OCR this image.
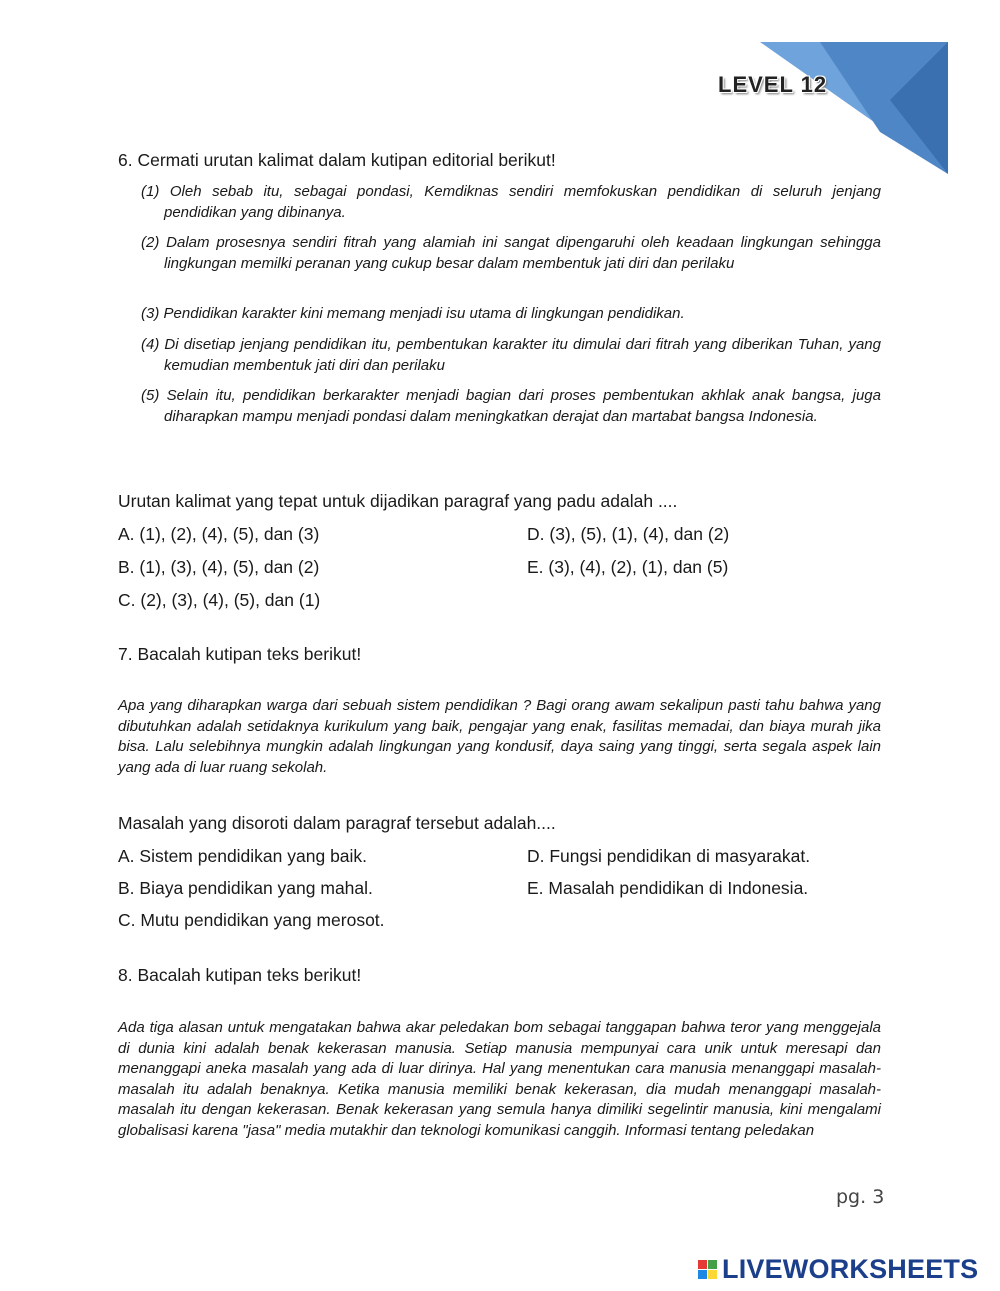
LEVEL 12
6. Cermati urutan kalimat dalam kutipan editorial berikut!
(1) Oleh sebab itu, sebagai pondasi, Kemdiknas sendiri memfokuskan pendidikan di seluruh jenjang pendidikan yang dibinanya.
(2) Dalam prosesnya sendiri fitrah yang alamiah ini sangat dipengaruhi oleh keadaan lingkungan sehingga lingkungan memilki peranan yang cukup besar dalam membentuk jati diri dan perilaku
(3) Pendidikan karakter kini memang menjadi isu utama di lingkungan pendidikan.
(4) Di disetiap jenjang pendidikan itu, pembentukan karakter itu dimulai dari fitrah yang diberikan Tuhan, yang kemudian membentuk jati diri dan perilaku
(5) Selain itu, pendidikan berkarakter menjadi bagian dari proses pembentukan akhlak anak bangsa, juga diharapkan mampu menjadi pondasi dalam meningkatkan derajat dan martabat bangsa Indonesia.
Urutan kalimat yang tepat untuk dijadikan paragraf yang padu adalah ....
A. (1), (2), (4), (5), dan (3)	D. (3), (5), (1), (4), dan (2)
B. (1), (3), (4), (5), dan (2)	E. (3), (4), (2), (1), dan (5)
C. (2), (3), (4), (5), dan (1)
7. Bacalah kutipan teks berikut!
Apa yang diharapkan warga dari sebuah sistem pendidikan ? Bagi orang awam sekalipun pasti tahu bahwa yang dibutuhkan adalah setidaknya kurikulum yang baik, pengajar yang enak, fasilitas memadai, dan biaya murah jika bisa. Lalu selebihnya mungkin adalah lingkungan yang kondusif, daya saing yang tinggi, serta segala aspek lain yang ada di luar ruang sekolah.
Masalah yang disoroti dalam paragraf tersebut adalah....
A. Sistem pendidikan yang baik.	D. Fungsi pendidikan di masyarakat.
B. Biaya pendidikan yang mahal.	E. Masalah pendidikan di Indonesia.
C. Mutu pendidikan yang merosot.
8. Bacalah kutipan teks berikut!
Ada tiga alasan untuk mengatakan bahwa akar peledakan bom sebagai tanggapan bahwa teror yang menggejala di dunia kini adalah benak kekerasan manusia. Setiap manusia mempunyai cara unik untuk meresapi dan menanggapi aneka masalah yang ada di luar dirinya. Hal yang menentukan cara manusia menanggapi masalah-masalah itu adalah benaknya. Ketika manusia memiliki benak kekerasan, dia mudah menanggapi masalah-masalah itu dengan kekerasan. Benak kekerasan yang semula hanya dimiliki segelintir manusia, kini mengalami globalisasi karena "jasa" media mutakhir dan teknologi komunikasi canggih. Informasi tentang peledakan
pg. 3
LIVEWORKSHEETS
